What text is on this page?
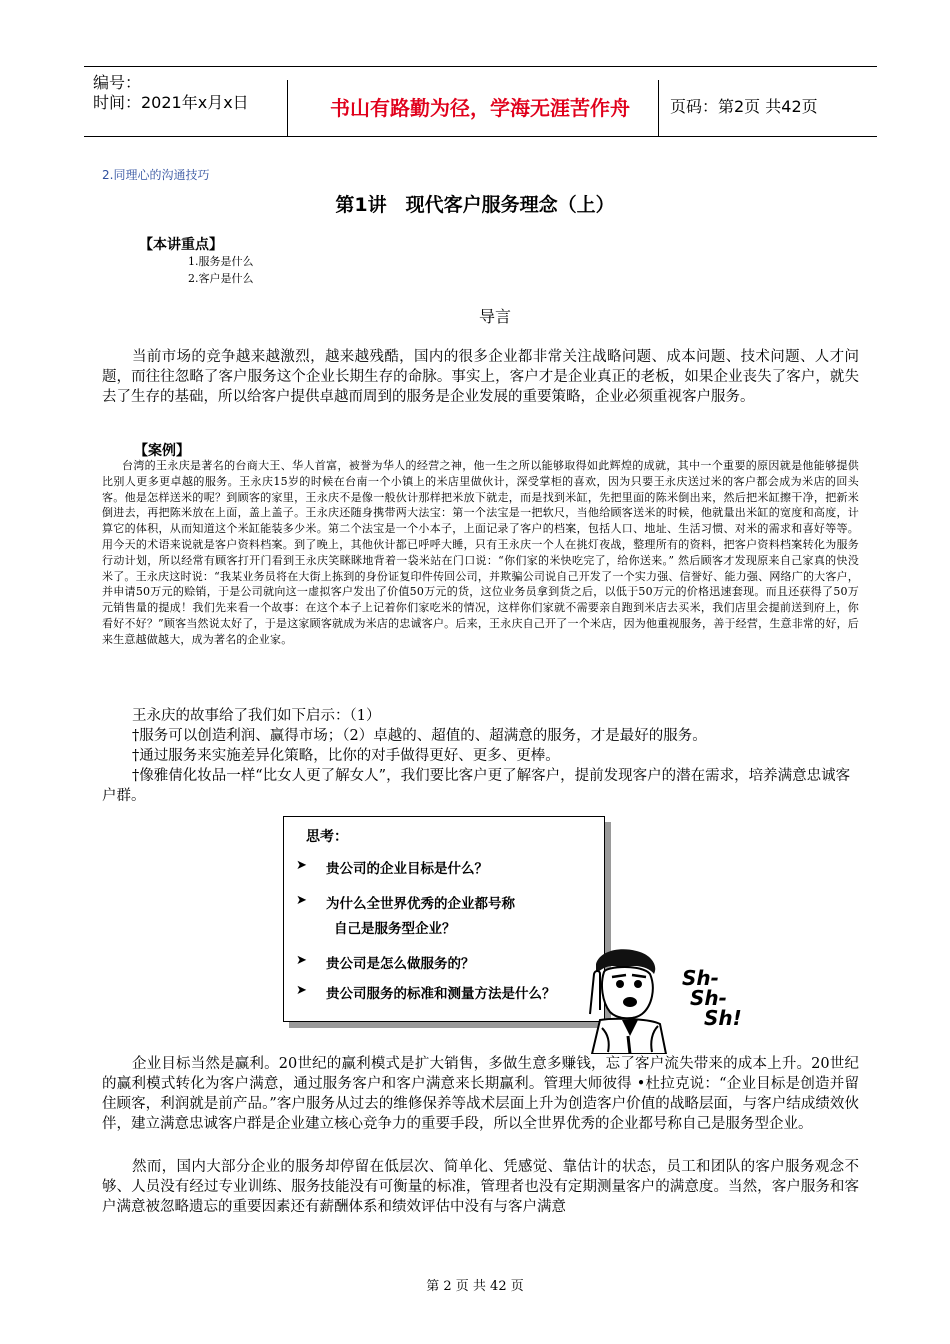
编号：
时间：2021年x月x日	书山有路勤为径，学海无涯苦作舟	页码：第2页 共42页
2.同理心的沟通技巧
第1讲　现代客户服务理念（上）
【本讲重点】
1.服务是什么
2.客户是什么
导言
当前市场的竞争越来越激烈，越来越残酷，国内的很多企业都非常关注战略问题、成本问题、技术问题、人才问题，而往往忽略了客户服务这个企业长期生存的命脉。事实上，客户才是企业真正的老板，如果企业丧失了客户，就失去了生存的基础，所以给客户提供卓越而周到的服务是企业发展的重要策略，企业必须重视客户服务。
【案例】
台湾的王永庆是著名的台商大王、华人首富，被誉为华人的经营之神，他一生之所以能够取得如此辉煌的成就，其中一个重要的原因就是他能够提供比别人更多更卓越的服务。王永庆15岁的时候在台南一个小镇上的米店里做伙计，深受掌柜的喜欢，因为只要王永庆送过米的客户都会成为米店的回头客。他是怎样送米的呢？到顾客的家里，王永庆不是像一般伙计那样把米放下就走，而是找到米缸，先把里面的陈米倒出来，然后把米缸擦干净，把新米倒进去，再把陈米放在上面，盖上盖子。王永庆还随身携带两大法宝：第一个法宝是一把软尺，当他给顾客送米的时候，他就量出米缸的宽度和高度，计算它的体积，从而知道这个米缸能装多少米。第二个法宝是一个小本子，上面记录了客户的档案，包括人口、地址、生活习惯、对米的需求和喜好等等。用今天的术语来说就是客户资料档案。到了晚上，其他伙计都已呼呼大睡，只有王永庆一个人在挑灯夜战，整理所有的资料，把客户资料档案转化为服务行动计划，所以经常有顾客打开门看到王永庆笑眯眯地背着一袋米站在门口说：“你们家的米快吃完了，给你送来。” 然后顾客才发现原来自己家真的快没米了。王永庆这时说：“我某业务员将在大街上拣到的身份证复印件传回公司，并欺骗公司说自己开发了一个实力强、信誉好、能力强、网络广的大客户，并申请50万元的赊销，于是公司就向这一虚拟客户发出了价值50万元的货，这位业务员拿到货之后，以低于50万元的价格迅速套现。而且还获得了50万元销售量的提成！我们先来看一个故事：在这个本子上记着你们家吃米的情况，这样你们家就不需要亲自跑到米店去买米，我们店里会提前送到府上，你看好不好？”顾客当然说太好了，于是这家顾客就成为米店的忠诚客户。后来，王永庆自己开了一个米店，因为他重视服务，善于经营，生意非常的好，后来生意越做越大，成为著名的企业家。
王永庆的故事给了我们如下启示：（1）
†服务可以创造利润、赢得市场；（2）卓越的、超值的、超满意的服务，才是最好的服务。
†通过服务来实施差异化策略，比你的对手做得更好、更多、更棒。
†像雅倩化妆品一样“比女人更了解女人”，我们要比客户更了解客户，提前发现客户的潜在需求，培养满意忠诚客户群。
思考：
➤ 贵公司的企业目标是什么？
➤ 为什么全世界优秀的企业都号称
自己是服务型企业？
➤ 贵公司是怎么做服务的？
➤ 贵公司服务的标准和测量方法是什么？
Sh-
Sh-
Sh!
企业目标当然是赢利。20世纪的赢利模式是扩大销售，多做生意多赚钱，忘了客户流失带来的成本上升。20世纪的赢利模式转化为客户满意，通过服务客户和客户满意来长期赢利。管理大师彼得 •杜拉克说：“企业目标是创造并留住顾客，利润就是前产品。”客户服务从过去的维修保养等战术层面上升为创造客户价值的战略层面，与客户结成绩效伙伴，建立满意忠诚客户群是企业建立核心竞争力的重要手段，所以全世界优秀的企业都号称自己是服务型企业。
然而，国内大部分企业的服务却停留在低层次、简单化、凭感觉、靠估计的状态，员工和团队的客户服务观念不够、人员没有经过专业训练、服务技能没有可衡量的标准，管理者也没有定期测量客户的满意度。当然，客户服务和客户满意被忽略遗忘的重要因素还有薪酬体系和绩效评估中没有与客户满意
第 2 页 共 42 页
